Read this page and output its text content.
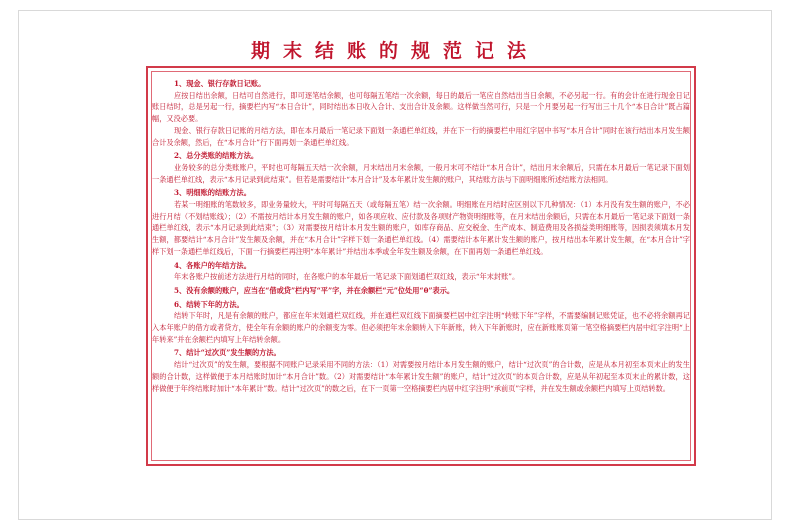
期末结账的规范记法

1、现金、银行存款日记账。

应按日结出余额，日结可自然进行，即可逐笔结余额，也可每隔五笔结一次余额，每日的最后一笔应自然结出当日余额，不必另起一行。有的会计在进行现金日记账日结时，总是另起一行，摘要栏内写“本日合计”，同时结出本日收入合计、支出合计及余额。这样做当然可行，只是一个月要另起一行写出三十几个“本日合计”既占篇幅，又没必要。

现金、银行存款日记账的月结方法，即在本月最后一笔记录下面划一条通栏单红线，并在下一行的摘要栏中用红字居中书写“本月合计”同时在该行结出本月发生额合计及余额，然后，在“本月合计”行下面再划一条通栏单红线。

2、总分类账的结账方法。

业务较多的总分类账账户，平时也可每隔五天结一次余额，月末结出月末余额，一般月末可不结计“本月合计”，结出月末余额后，只需在本月最后一笔记录下面划一条通栏单红线，表示“本月记录到此结束”。但若是需要结计“本月合计”及本年累计发生额的账户，其结账方法与下面明细账所述结账方法相同。

3、明细账的结账方法。

若某一明细账的笔数较多，即业务量较大，平时可每隔五天（或每隔五笔）结一次余额。明细账在月结时应区别以下几种情况：（1）本月没有发生额的账户，不必进行月结（不划结账线）；（2）不需按月结计本月发生额的账户，如各项应收、应付款及各项财产物资明细账等，在月末结出余额后，只需在本月最后一笔记录下面划一条通栏单红线，表示“本月记录到此结束”；（3）对需要按月结计本月发生额的账户，如库存商品、应交税金、生产成本、制造费用及各损益类明细账等，因损表须填本月发生额，都要结计“本月合计”发生额及余额，并在“本月合计”字样下划一条通栏单红线。（4）需要结计本年累计发生额的账户，按月结出本年累计发生额，在“本月合计”字样下划一条通栏单红线后，下面一行摘要栏再注明“本年累计”并结出本季或全年发生额及余额，在下面再划一条通栏单红线。

4、各账户的年结方法。

年末各账户按前述方法进行月结的同时，在各账户的本年最后一笔记录下面划通栏双红线，表示“年末封账”。

5、没有余额的账户，应当在“借或贷”栏内写“平”字，并在余额栏“元”位处用“θ”表示。

6、结转下年的方法。

结转下年时，凡是有余额的账户，都应在年末划通栏双红线，并在通栏双红线下面摘要栏居中红字注明“转账下年”字样，不需要编制记账凭证，也不必将余额再记入本年账户的借方或者贷方，使全年有余额的账户的余额变为零。但必须把年末余额转入下年新账，转入下年新账时，应在新账账页第一笔空格摘要栏内居中红字注明“上年转来”并在余额栏内填写上年结转余额。

7、结计“过次页”发生额的方法。

结计“过次页”的发生额，要根据不同账户记录采用不同的方法：（1）对需要按月结计本月发生额的账户，结计“过次页”的合计数，应是从本月初至本页末止的发生额的合计数，这样做便于本月结账时加计“本月合计”数。（2）对需要结计“本年累计发生额”的账户，结计“过次页”的本页合计数，应是从年初起至本页末止的累计数，这样做便于年终结账时加计“本年累计”数。结计“过次页”的数之后，在下一页第一空格摘要栏内居中红字注明“承前页”字样，并在发生额或余额栏内填写上页结转数。
